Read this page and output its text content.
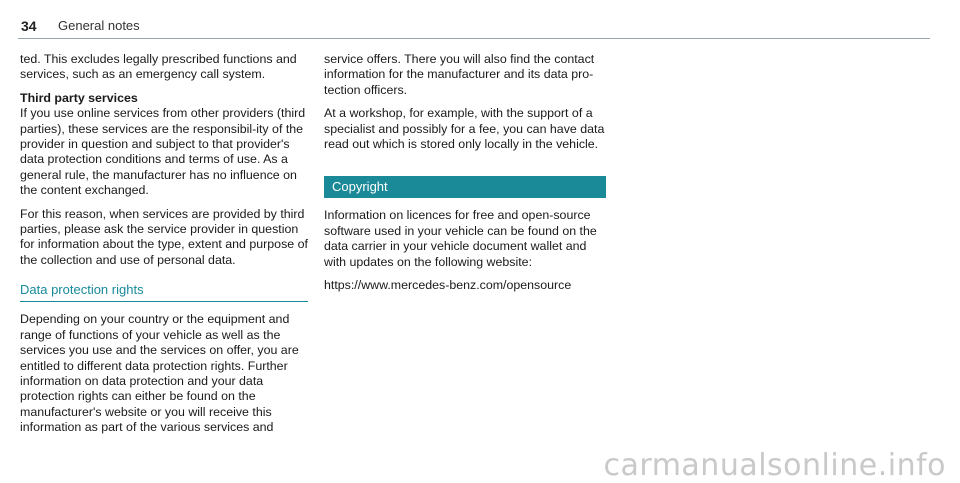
34 General notes

ted. This excludes legally prescribed functions and services, such as an emergency call system.

Third party services

If you use online services from other providers (third parties), these services are the responsibil-ity of the provider in question and subject to that provider's data protection conditions and terms of use. As a general rule, the manufacturer has no influence on the content exchanged.

For this reason, when services are provided by third parties, please ask the service provider in question for information about the type, extent and purpose of the collection and use of personal data.

Data protection rights

Depending on your country or the equipment and range of functions of your vehicle as well as the services you use and the services on offer, you are entitled to different data protection rights. Further information on data protection and your data protection rights can either be found on the manufacturer's website or you will receive this information as part of the various services and

service offers. There you will also find the contact information for the manufacturer and its data pro-tection officers.

At a workshop, for example, with the support of a specialist and possibly for a fee, you can have data read out which is stored only locally in the vehicle.

Copyright

Information on licences for free and open-source software used in your vehicle can be found on the data carrier in your vehicle document wallet and with updates on the following website:

https://www.mercedes-benz.com/opensource

carmanualsonline.info
